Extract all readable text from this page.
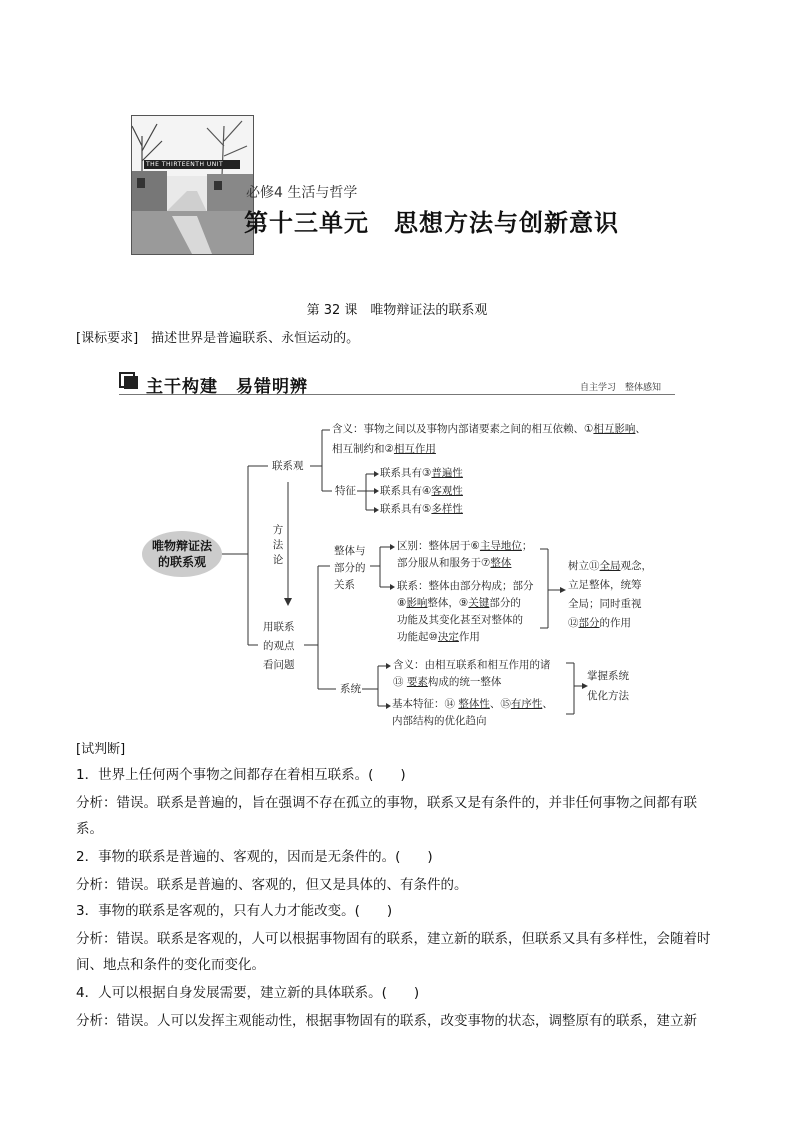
THE THIRTEENTH UNIT
必修4 生活与哲学
第十三单元　思想方法与创新意识
第 32 课　唯物辩证法的联系观
[课标要求]　描述世界是普遍联系、永恒运动的。
主干构建　易错明辨	自主学习　整体感知
唯物辩证法
的联系观
联系观
方
法
论
用联系
的观点
看问题
含义：事物之间以及事物内部诸要素之间的相互依赖、①相互影响、
相互制约和②相互作用
特征
联系具有③普遍性
联系具有④客观性
联系具有⑤多样性
整体与
部分的
关系
区别：整体居于⑥主导地位；
部分服从和服务于⑦整体
联系：整体由部分构成；部分
⑧影响整体，⑨关键部分的
功能及其变化甚至对整体的
功能起⑩决定作用
树立⑪全局观念，
立足整体，统筹
全局；同时重视
⑫部分的作用
系统
含义：由相互联系和相互作用的诸
⑬ 要素构成的统一整体
基本特征：⑭ 整体性、⑮有序性、
内部结构的优化趋向
掌握系统
优化方法
[试判断]
1．世界上任何两个事物之间都存在着相互联系。(　　)
分析：错误。联系是普遍的，旨在强调不存在孤立的事物，联系又是有条件的，并非任何事物之间都有联系。
2．事物的联系是普遍的、客观的，因而是无条件的。(　　)
分析：错误。联系是普遍的、客观的，但又是具体的、有条件的。
3．事物的联系是客观的，只有人力才能改变。(　　)
分析：错误。联系是客观的，人可以根据事物固有的联系，建立新的联系，但联系又具有多样性，会随着时间、地点和条件的变化而变化。
4．人可以根据自身发展需要，建立新的具体联系。(　　)
分析：错误。人可以发挥主观能动性，根据事物固有的联系，改变事物的状态，调整原有的联系，建立新
